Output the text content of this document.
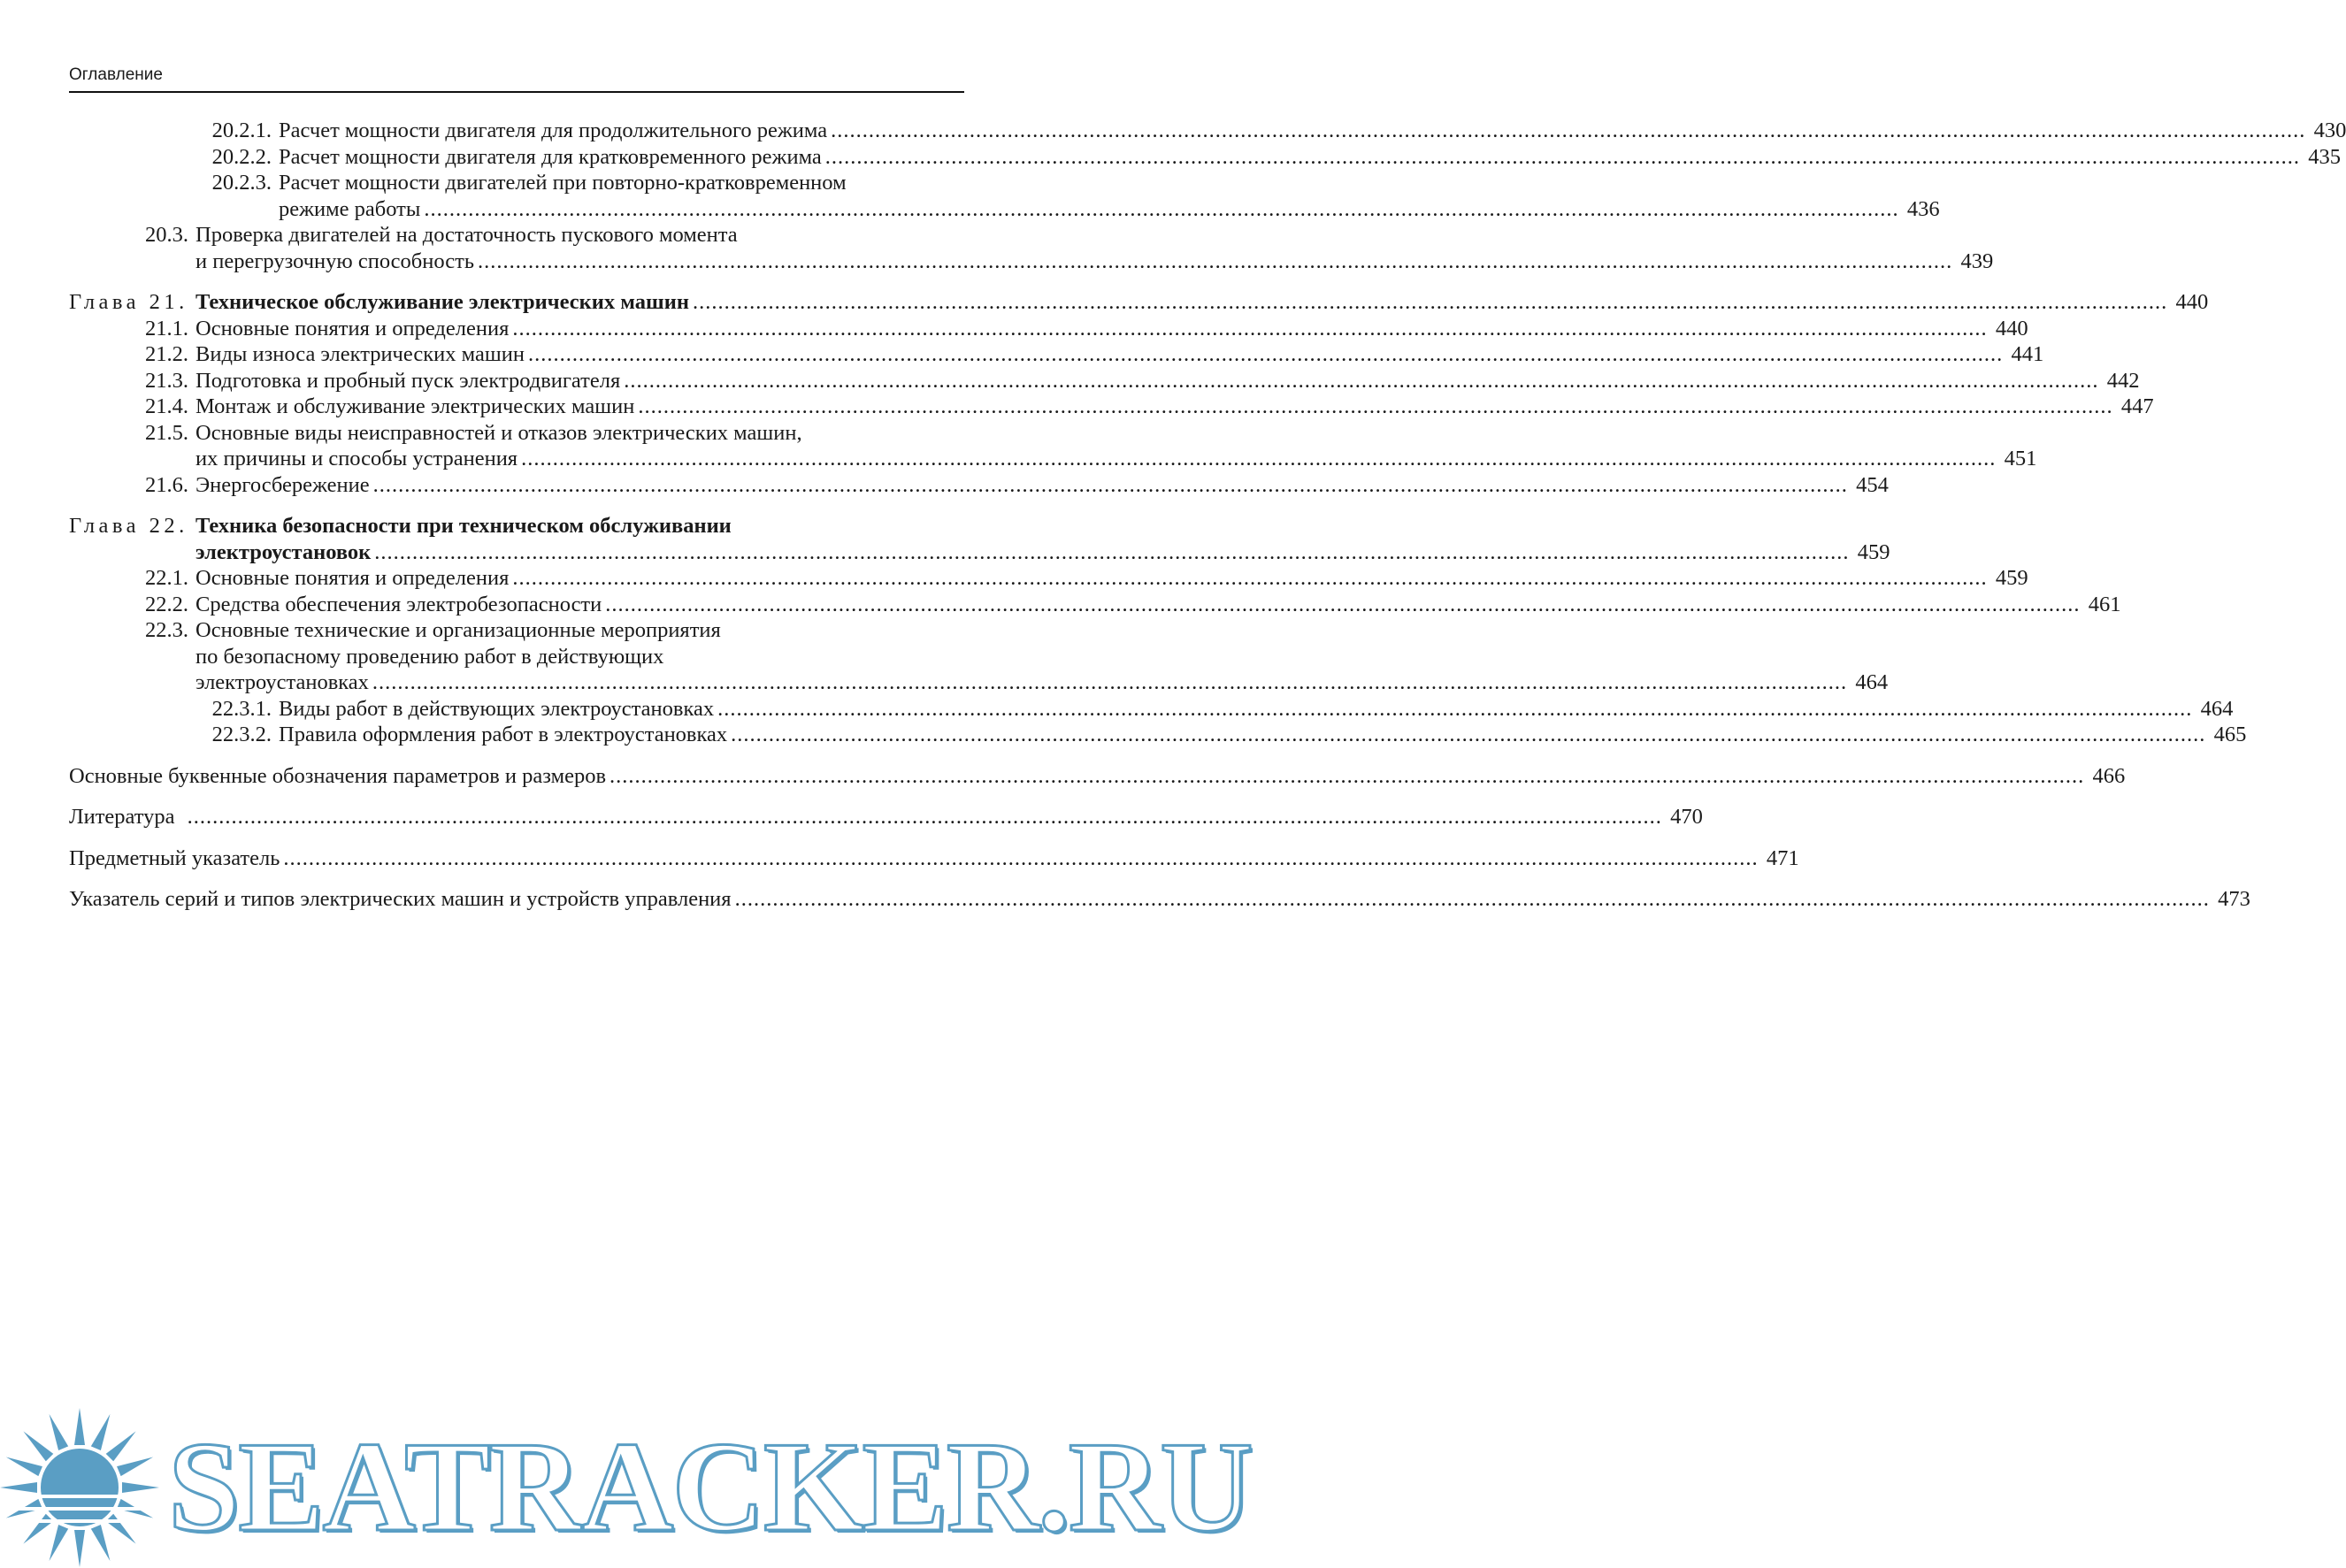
Оглавление
20.2.1. Расчет мощности двигателя для продолжительного режима .....	430
20.2.2. Расчет мощности двигателя для кратковременного режима .....	435
20.2.3. Расчет мощности двигателей при повторно-кратковременном
режиме работы .....	436
20.3. Проверка двигателей на достаточность пускового момента
и перегрузочную способность .....	439
Глава 21. Техническое обслуживание электрических машин .....	440
21.1. Основные понятия и определения .....	440
21.2. Виды износа электрических машин .....	441
21.3. Подготовка и пробный пуск электродвигателя .....	442
21.4. Монтаж и обслуживание электрических машин .....	447
21.5. Основные виды неисправностей и отказов электрических машин,
их причины и способы устранения .....	451
21.6. Энергосбережение .....	454
Глава 22. Техника безопасности при техническом обслуживании
электроустановок .....	459
22.1. Основные понятия и определения .....	459
22.2. Средства обеспечения электробезопасности .....	461
22.3. Основные технические и организационные мероприятия
по безопасному проведению работ в действующих
электроустановках .....	464
22.3.1. Виды работ в действующих электроустановках .....	464
22.3.2. Правила оформления работ в электроустановках .....	465
Основные буквенные обозначения параметров и размеров .....	466
Литература .....	470
Предметный указатель .....	471
Указатель серий и типов электрических машин и устройств управления .....	473
SEATRACKER.RU
